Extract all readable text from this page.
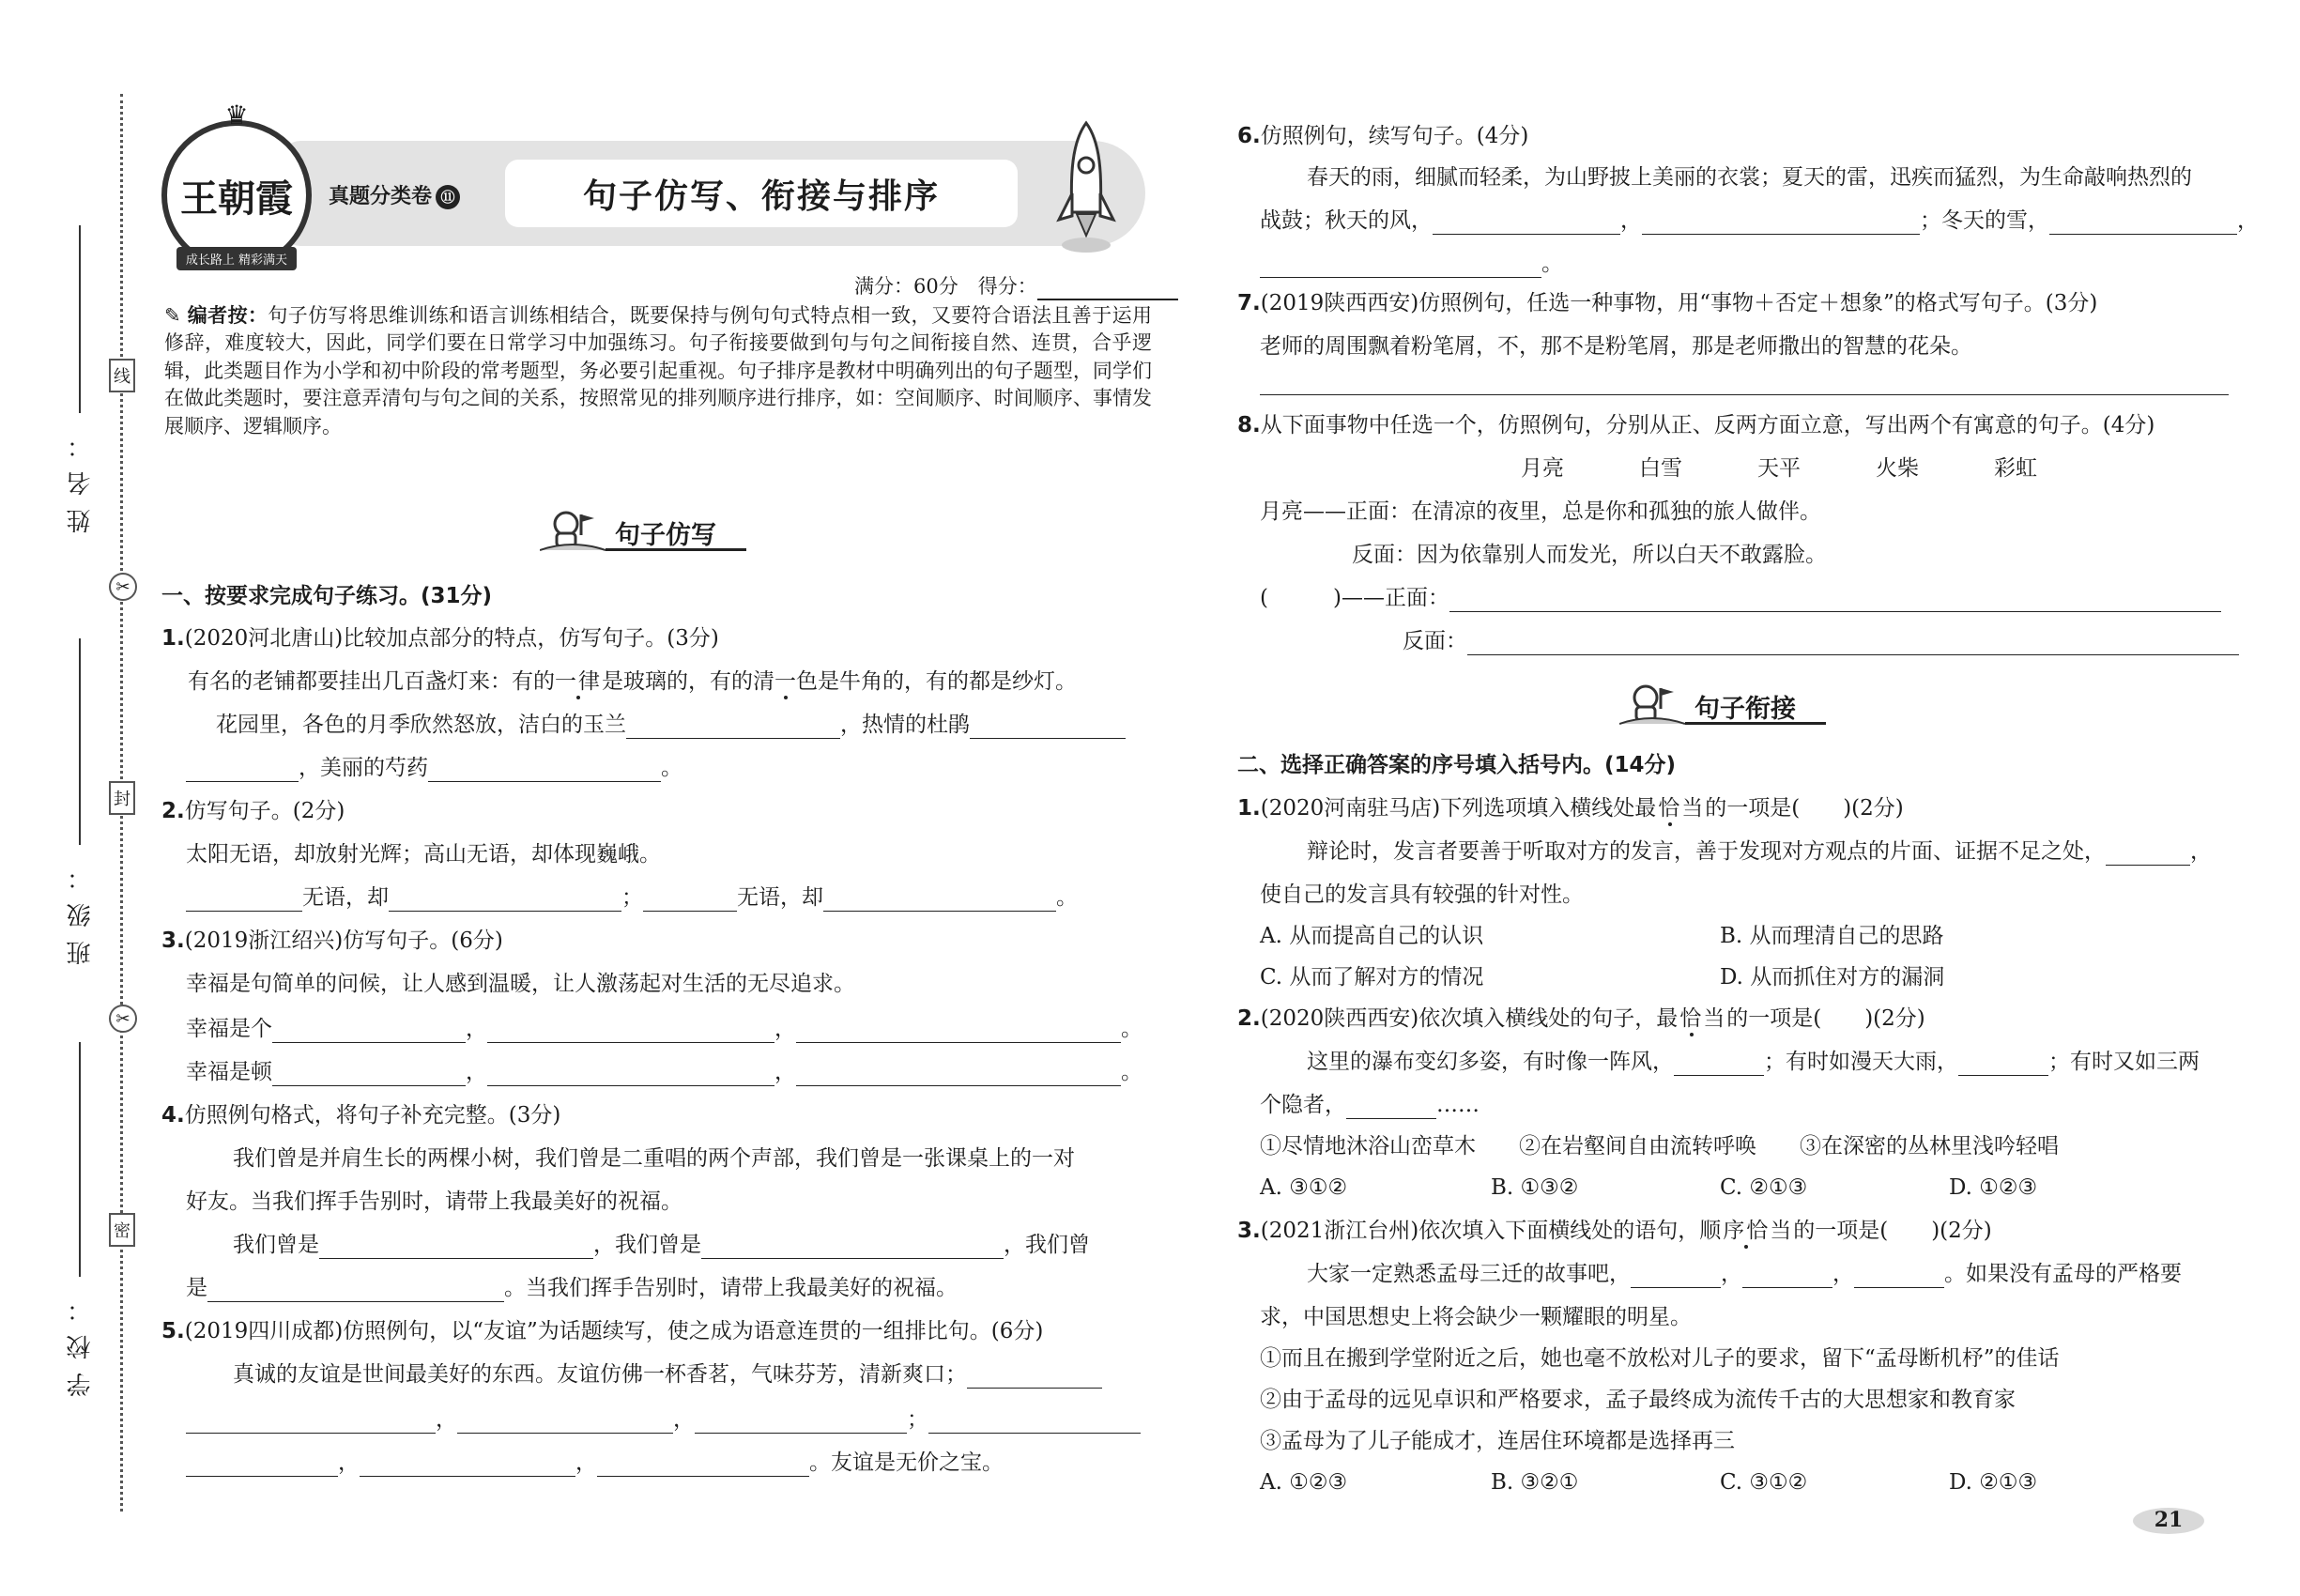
线
封
密
✂
✂
姓名：
班级：
学校：
真题分类卷 ⑪	句子仿写、衔接与排序
♛
王朝霞
成长路上 精彩满天
满分：60分　得分：
✎ 编者按：句子仿写将思维训练和语言训练相结合，既要保持与例句句式特点相一致，又要符合语法且善于运用修辞，难度较大，因此，同学们要在日常学习中加强练习。句子衔接要做到句与句之间衔接自然、连贯，合乎逻辑，此类题目作为小学和初中阶段的常考题型，务必要引起重视。句子排序是教材中明确列出的句子题型，同学们在做此类题时，要注意弄清句与句之间的关系，按照常见的排列顺序进行排序，如：空间顺序、时间顺序、事情发展顺序、逻辑顺序。
句子仿写
一、按要求完成句子练习。(31分)
1.(2020河北唐山)比较加点部分的特点，仿写句子。(3分)
有名的老铺都要挂出几百盏灯来：有的一律是玻璃的，有的清一色是牛角的，有的都是纱灯。
花园里，各色的月季欣然怒放，洁白的玉兰	，热情的杜鹃
，美丽的芍药	。
2.仿写句子。(2分)
太阳无语，却放射光辉；高山无语，却体现巍峨。
无语，却	；	无语，却	。
3.(2019浙江绍兴)仿写句子。(6分)
幸福是句简单的问候，让人感到温暖，让人激荡起对生活的无尽追求。
幸福是个	，	，	。
幸福是顿	，	，	。
4.仿照例句格式，将句子补充完整。(3分)
我们曾是并肩生长的两棵小树，我们曾是二重唱的两个声部，我们曾是一张课桌上的一对
好友。当我们挥手告别时，请带上我最美好的祝福。
我们曾是	，我们曾是	，我们曾
是	。当我们挥手告别时，请带上我最美好的祝福。
5.(2019四川成都)仿照例句，以“友谊”为话题续写，使之成为语意连贯的一组排比句。(6分)
真诚的友谊是世间最美好的东西。友谊仿佛一杯香茗，气味芬芳，清新爽口；
，	，	；
，	，	。友谊是无价之宝。
6.仿照例句，续写句子。(4分)
春天的雨，细腻而轻柔，为山野披上美丽的衣裳；夏天的雷，迅疾而猛烈，为生命敲响热烈的
战鼓；秋天的风，	，	；冬天的雪，	，
。
7.(2019陕西西安)仿照例句，任选一种事物，用“事物＋否定＋想象”的格式写句子。(3分)
老师的周围飘着粉笔屑，不，那不是粉笔屑，那是老师撒出的智慧的花朵。
8.从下面事物中任选一个，仿照例句，分别从正、反两方面立意，写出两个有寓意的句子。(4分)
月亮	白雪	天平	火柴	彩虹
月亮——正面：在清凉的夜里，总是你和孤独的旅人做伴。
反面：因为依靠别人而发光，所以白天不敢露脸。
(　　　)——正面：
反面：
句子衔接
二、选择正确答案的序号填入括号内。(14分)
1.(2020河南驻马店)下列选项填入横线处最恰当的一项是(　　)(2分)
辩论时，发言者要善于听取对方的发言，善于发现对方观点的片面、证据不足之处，	，
使自己的发言具有较强的针对性。
A. 从而提高自己的认识	B. 从而理清自己的思路
C. 从而了解对方的情况	D. 从而抓住对方的漏洞
2.(2020陕西西安)依次填入横线处的句子，最恰当的一项是(　　)(2分)
这里的瀑布变幻多姿，有时像一阵风，	；有时如漫天大雨，	；有时又如三两
个隐者，	……
①尽情地沐浴山峦草木　　②在岩壑间自由流转呼唤　　③在深密的丛林里浅吟轻唱
A. ③①②	B. ①③②	C. ②①③	D. ①②③
3.(2021浙江台州)依次填入下面横线处的语句，顺序恰当的一项是(　　)(2分)
大家一定熟悉孟母三迁的故事吧，	，	，	。如果没有孟母的严格要
求，中国思想史上将会缺少一颗耀眼的明星。
①而且在搬到学堂附近之后，她也毫不放松对儿子的要求，留下“孟母断机杼”的佳话
②由于孟母的远见卓识和严格要求，孟子最终成为流传千古的大思想家和教育家
③孟母为了儿子能成才，连居住环境都是选择再三
A. ①②③	B. ③②①	C. ③①②	D. ②①③
21
